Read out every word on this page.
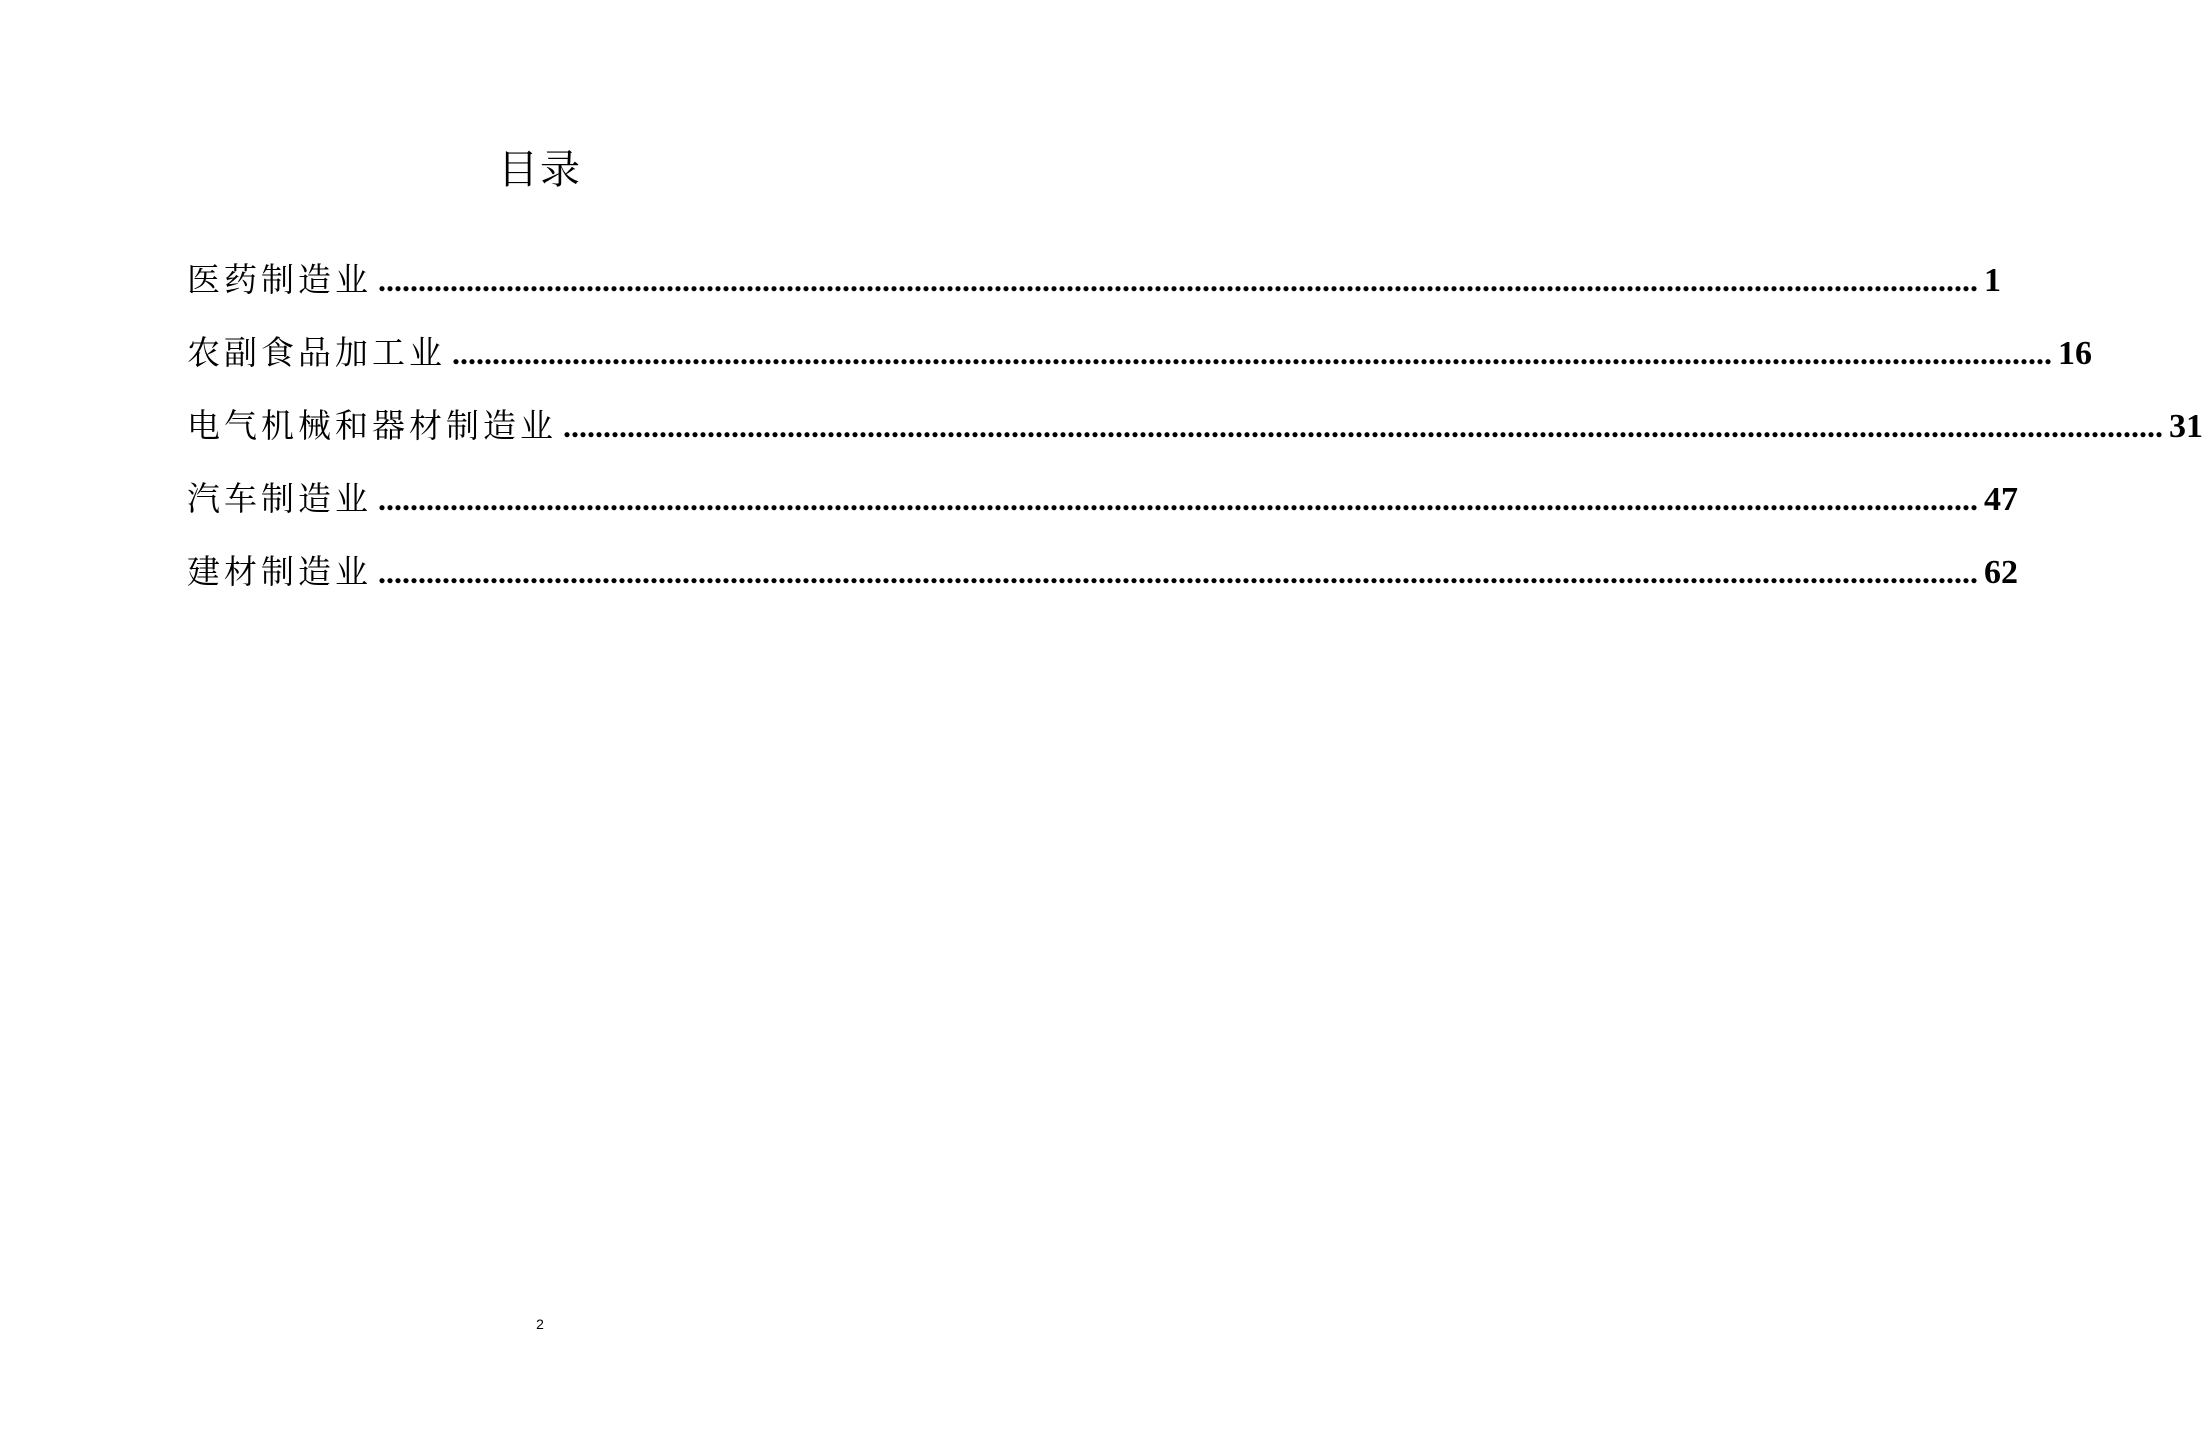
目录
医药制造业 ........................................................................................................................................................................................................ 1
农副食品加工业 ........................................................................................................................................................................................................ 16
电气机械和器材制造业 ........................................................................................................................................................................................................ 31
汽车制造业 ........................................................................................................................................................................................................ 47
建材制造业 ........................................................................................................................................................................................................ 62
2
